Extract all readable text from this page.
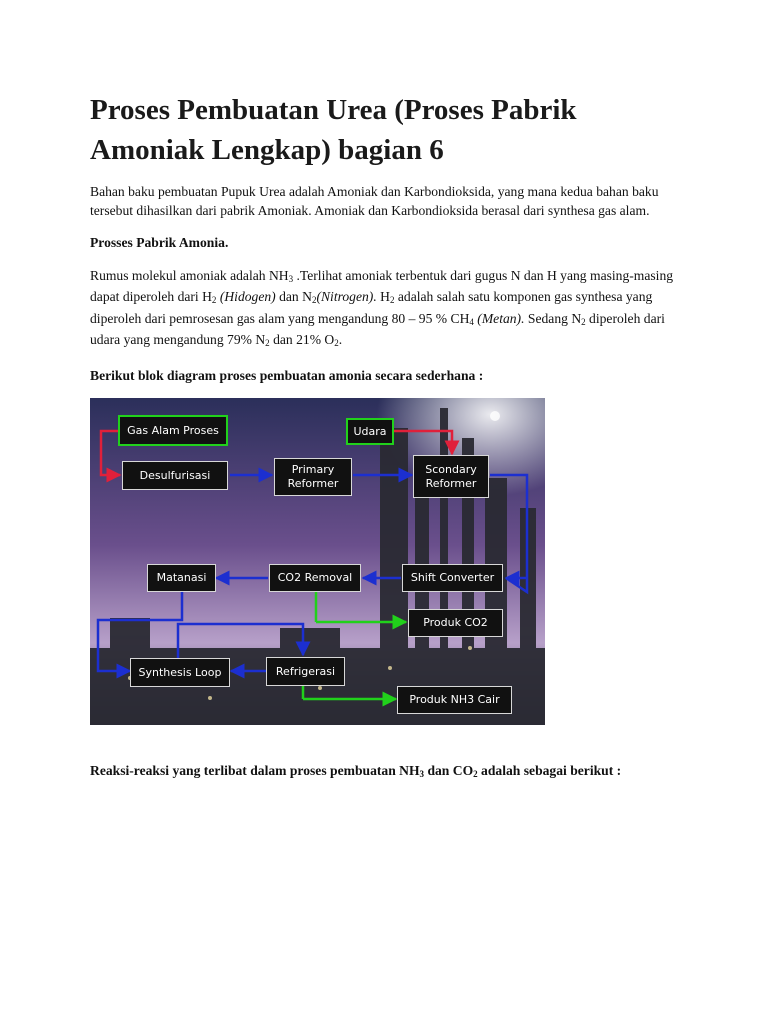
Proses Pembuatan Urea (Proses Pabrik Amoniak Lengkap) bagian 6

Bahan baku pembuatan Pupuk Urea adalah Amoniak dan Karbondioksida, yang mana kedua bahan baku tersebut dihasilkan dari pabrik Amoniak. Amoniak dan Karbondioksida berasal dari synthesa gas alam.

Prosses Pabrik Amonia.

Rumus molekul amoniak adalah $NH_3$ .Terlihat amoniak terbentuk dari gugus N dan H yang masing-masing dapat diperoleh dari $H_2$ (Hidogen) dan $N_2(Nitrogen)$. $H_2$ adalah salah satu komponen gas synthesa yang diperoleh dari pemrosesan gas alam yang mengandung 80 – 95 % $CH_4$ (Metan). Sedang $N_2$ diperoleh dari udara yang mengandung 79% $N_2$ dan 21% $O_2$.

Berikut blok diagram proses pembuatan amonia secara sederhana :

Gas Alam Proses	Udara
Desulfurisasi	Primary Reformer
Scondary Reformer
Matanasi	CO2 Removal	Shift Converter
Produk CO2
Synthesis Loop	Refrigerasi
Produk NH3 Cair

Reaksi-reaksi yang terlibat dalam proses pembuatan $NH_3$ dan $CO_2$ adalah sebagai berikut :
